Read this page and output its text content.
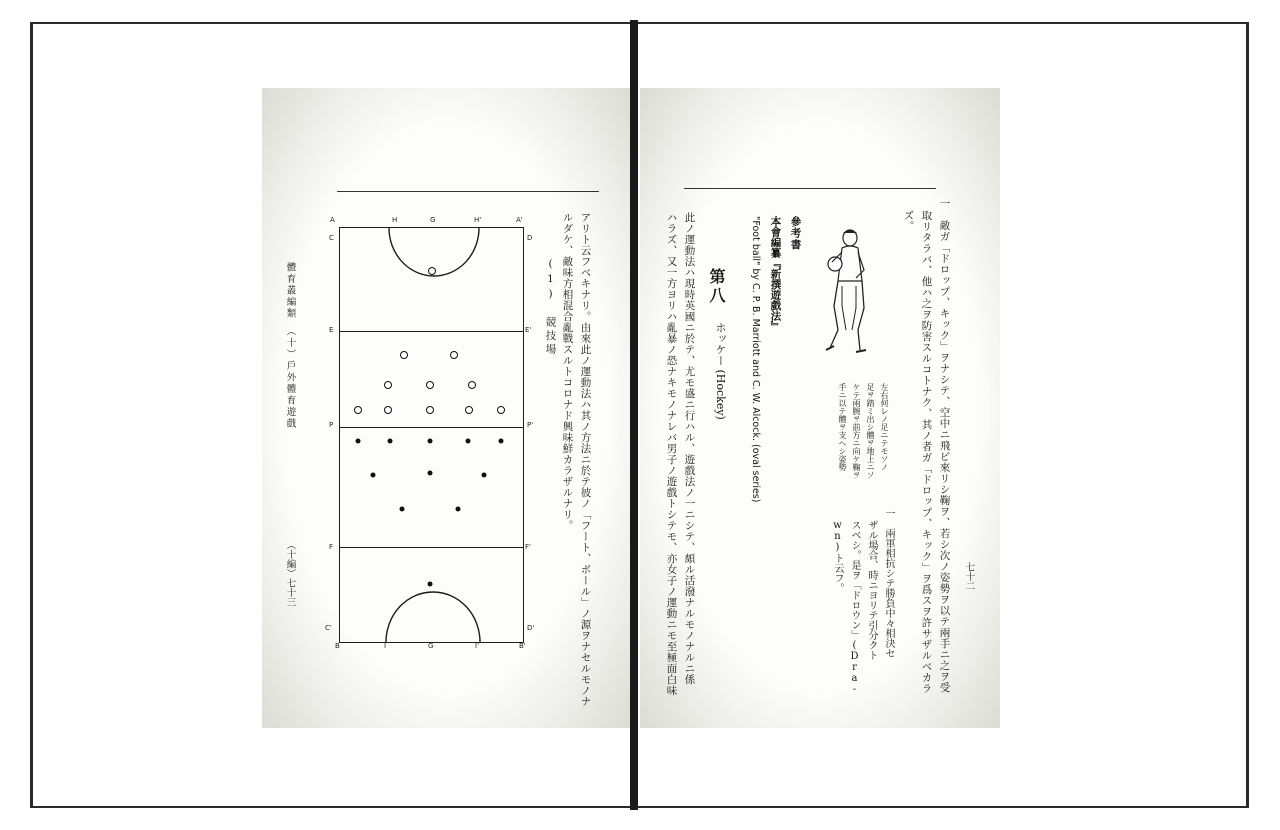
アリト云フベキナリ。由來此ノ運動法ハ其ノ方法ニ於テ彼ノ「フート、ボール」ノ源ヲナセルモノナ
ルダケ、敵味方相混合亂戰スルトコロナド興味鮮カラザルナリ。
(1)　競技場
體育叢編類　（十）戶外體育遊戲
（十編）七十三
A	H	G	H'	A'
C	D
E	E'
P	P'
F	F'
C'	D'
B	I	G	I'	B'
七十二
一　敵ガ「ドロップ、キック」ヲナシテ、空中ニ飛ビ來リシ鞠ヲ、若シ次ノ姿勢ヲ以テ兩手ニ之ヲ受
取リタラバ、他ハ之ヲ防害スルコトナク、其ノ者ガ「ドロップ、キック」ヲ爲スヲ許サザルベカラ
ズ。
一　兩軍相抗シテ勝負中々相決セ
ザル場合、時ニヨリテ引分クト
スベシ。是ヲ「ドロウン」(Dra-
wn)ト云フ。
左右何レノ足ニテモソノ
足ヲ踏ミ出シ體ヲ地上ニソ
ケテ兩腕ヲ前方ニ向ケ鞠ヲ
手ニ以テ體ヲ支ヘシ姿勢
參考書
本會編纂『新撰遊戲法』
"Foot ball" by C. P. B. Marriott and C. W. Alcock. (oval series)
第八
ホッケー (Hockey)
此ノ運動法ハ現時英國ニ於テ、尤モ盛ニ行ハル、遊戲法ノ一ニシテ、頗ル活潑ナルモノナルニ係
ハラズ、又一方ヨリハ亂暴ノ恐ナキモノナレバ男子ノ遊戲トシテモ、亦女子ノ運動ニモ至極面白味
